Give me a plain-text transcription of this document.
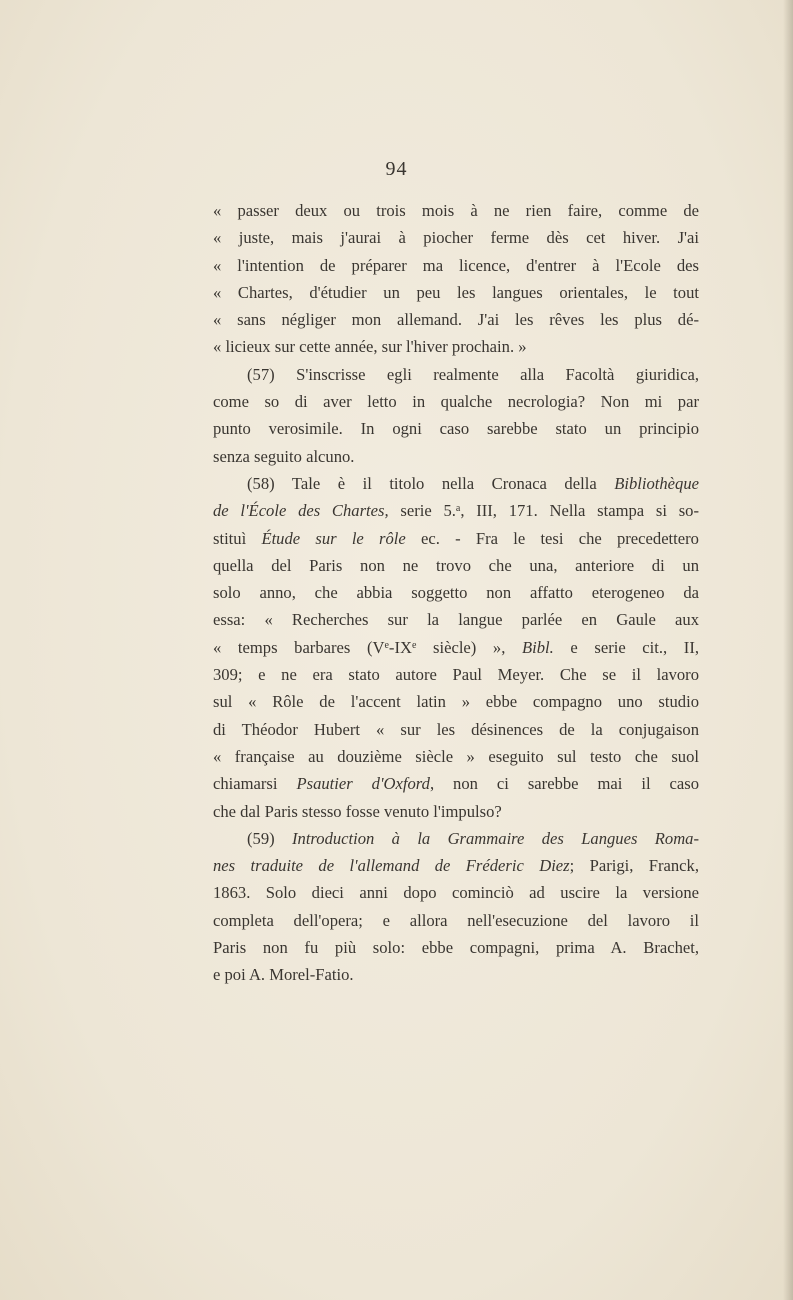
94
« passer deux ou trois mois à ne rien faire, comme de
« juste, mais j'aurai à piocher ferme dès cet hiver. J'ai
« l'intention de préparer ma licence, d'entrer à l'Ecole des
« Chartes, d'étudier un peu les langues orientales, le tout
« sans négliger mon allemand. J'ai les rêves les plus dé-
« licieux sur cette année, sur l'hiver prochain. »
(57) S'inscrisse egli realmente alla Facoltà giuridica,
come so di aver letto in qualche necrologia? Non mi par
punto verosimile. In ogni caso sarebbe stato un principio
senza seguito alcuno.
(58) Tale è il titolo nella Cronaca della Bibliothèque
de l'École des Chartes, serie 5.$^a$, III, 171. Nella stampa si so-
stituì Étude sur le rôle ec. - Fra le tesi che precedettero
quella del Paris non ne trovo che una, anteriore di un
solo anno, che abbia soggetto non affatto eterogeneo da
essa: « Recherches sur la langue parlée en Gaule aux
« temps barbares (Ve-IXe siècle) », Bibl. e serie cit., II,
309; e ne era stato autore Paul Meyer. Che se il lavoro
sul « Rôle de l'accent latin » ebbe compagno uno studio
di Théodor Hubert « sur les désinences de la conjugaison
« française au douzième siècle » eseguito sul testo che suol
chiamarsi Psautier d'Oxford, non ci sarebbe mai il caso
che dal Paris stesso fosse venuto l'impulso?
(59) Introduction à la Grammaire des Langues Roma-
nes traduite de l'allemand de Fréderic Diez; Parigi, Franck,
1863. Solo dieci anni dopo cominciò ad uscire la versione
completa dell'opera; e allora nell'esecuzione del lavoro il
Paris non fu più solo: ebbe compagni, prima A. Brachet,
e poi A. Morel-Fatio.
